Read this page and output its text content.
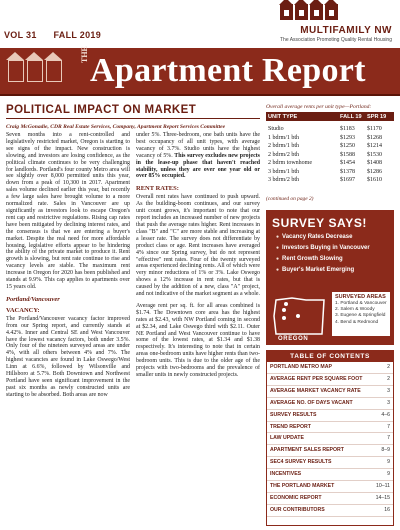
VOL 31 FALL 2019	MULTIFAMILY NW
The Association Promoting Quality Rental Housing
THE Apartment Report
POLITICAL IMPACT ON MARKET
Craig McGonadie, CDR Real Estate Services, Company, Apartment Report Services Committee

Seven months into a rent-controlled and legislatively restricted market, Oregon is starting to see signs of the impact. New construction is slowing, and investors are losing confidence, as the political climate continues to be very challenging for landlords. Portland's four county Metro area will see slightly over 8,000 permitted units this year, down from a peak of 10,300 in 2017. Apartment sales volume declined earlier this year, but recently a few large sales have brought volume to a more normalized rate. Sales in Vancouver are up significantly as investors look to escape Oregon's rent cap and restrictive regulations. Rising cap rates have been mitigated by declining interest rates, and the consensus is that we are entering a buyer's market. Despite the real need for more affordable housing, legislative efforts appear to be hindering the ability of the private market to produce it. Rent growth is slowing, but rent rate continue to rise and vacancy levels are stable. The maximum rent increase in Oregon for 2020 has been published and stands at 9.9%. This cap applies to apartments over 15 years old.

Portland/Vancouver
VACANCY:

The Portland/Vancouver vacancy factor improved from our Spring report, and currently stands at 4.42%. Inner and Central SE and West Vancouver have the lowest vacancy factors, both under 3.5%. Only four of the nineteen surveyed areas are under 4%, with all others between 4% and 7%. The highest vacancies are found in Lake Oswego/West Linn at 6.6%, followed by Wilsonville and Hillsboro at 5.7%. Both Downtown and Northwest Portland have seen significant improvement in the past six months as newly constructed units are starting to be absorbed. Both areas are now

under 5%. Three-bedroom, one bath units have the best occupancy of all unit types, with average vacancy of 3.7%. Studio units have the highest vacancy of 5%. This survey excludes new projects in the lease-up phase that haven't reached stability, unless they are over one year old or over 85% occupied.

RENT RATES:

Overall rent rates have continued to push upward. As the building-boom continues, and our survey unit count grows, it's important to note that our report includes an increased number of new projects that push the average rates higher. Rent increases in class "B" and "C" are more stable and increasing at a lesser rate. The survey does not differentiate by product class or age. Rent increases have averaged 4% since our Spring survey, but do not represent "effective" rent rates. Four of the twenty surveyed areas experienced declining rents. All of which were very minor reductions of 1% or 3%. Lake Oswego shows a 12% increase in rent rates, but that is caused by the addition of a new, class "A" project, and not indicative of the market segment as a whole.

Average rent per sq. ft. for all areas combined is $1.74. The Downtown core area has the highest rates at $2.43, with NW Portland coming in second at $2.34, and Lake Oswego third with $2.11. Outer NE Portland and West Vancouver continue to have some of the lowest rates, at $1.34 and $1.38 respectively. It's interesting to note that in certain areas one-bedroom units have higher rents than two-bedroom units. This is due to the older age of the projects with two-bedrooms and the prevalence of smaller units in newly constructed projects.

Overall average rents per unit type—Portland:
UNIT TYPE	FALL 19 SPR 19
Studio	$1183	$1170
1 bdrm/1 bth	$1293	$1268
2 bdrm/1 bth	$1250	$1214
2 bdrm/2 bth	$1588	$1530
2 bdrm townhome	$1454	$1408
3 bdrm/1 bth	$1378	$1286
3 bdrm/2 bth	$1697	$1610
(continued on page 2)
SURVEY SAYS!
● Vacancy Rates Decrease
● Investors Buying in Vancouver
● Rent Growth Slowing
● Buyer's Market Emerging
OREGON
SURVEYED AREAS
1. Portland & Vancouver
2. Salem & Woody
3. Eugene & Springfield
4. Bend & Redmond
TABLE OF CONTENTS
PORTLAND METRO MAP	2
AVERAGE RENT PER SQUARE FOOT	2
AVERAGE MARKET VACANCY RATE	3
AVERAGE NO. OF DAYS VACANT	3
SURVEY RESULTS	4–6
TREND REPORT	7
LAW UPDATE	7
APARTMENT SALES REPORT	8–9
SEC4 SURVEY RESULTS	9
INCENTIVES	9
THE PORTLAND MARKET	10–11
ECONOMIC REPORT	14–15
OUR CONTRIBUTORS	16
